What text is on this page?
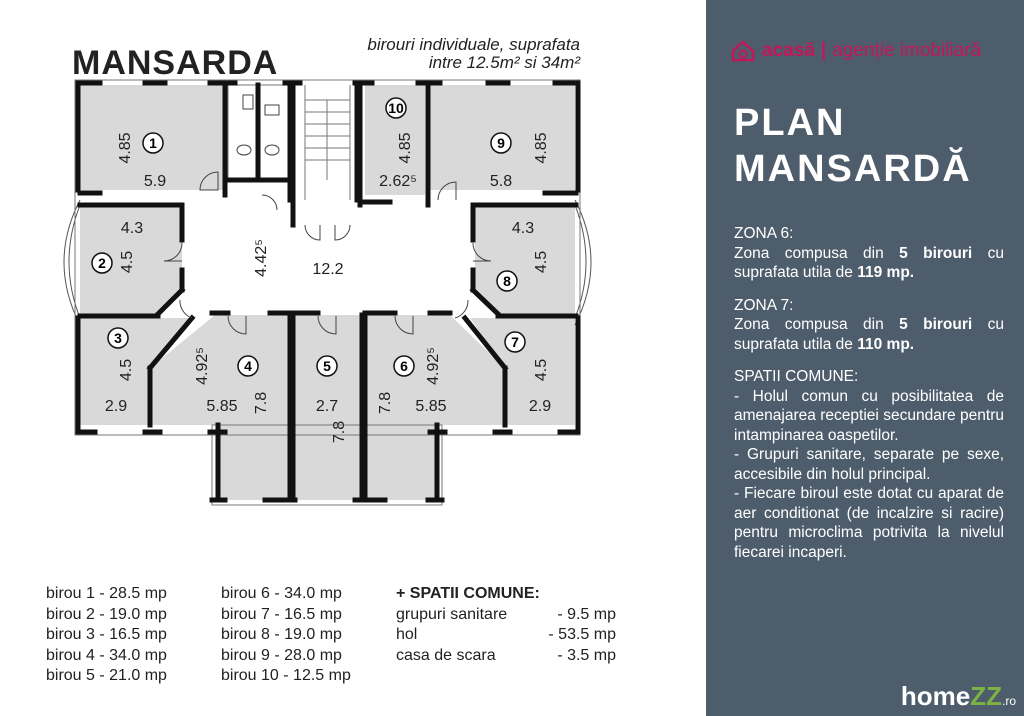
MANSARDA	birouri individuale, suprafata
intre 12.5m² si 34m²
1
2
3
4	5	6
7
8
9
10
4.85
5.9
4.3
4.5
4.5
2.9
4.92⁵
5.85 7.8	2.7
7.8
7.8 5.85
4.92⁵	4.5
2.9
4.3
4.5
4.85
5.8
4.85
2.62⁵
4.42⁵	12.2
birou 1 - 28.5 mp
birou 2 - 19.0 mp
birou 3 - 16.5 mp
birou 4 - 34.0 mp
birou 5 - 21.0 mp
birou 6 - 34.0 mp
birou 7 - 16.5 mp
birou 8 - 19.0 mp
birou 9 - 28.0 mp
birou 10 - 12.5 mp
+ SPATII COMUNE:
grupuri sanitare	- 9.5 mp
hol	- 53.5 mp
casa de scara	- 3.5 mp
acasă | agenție imobiliară
PLAN
MANSARDĂ

ZONA 6:
Zona compusa din 5 birouri cu suprafata utila de 119 mp.

ZONA 7:
Zona compusa din 5 birouri cu suprafata utila de 110 mp.

SPATII COMUNE:
- Holul comun cu posibilitatea de amenajarea receptiei secundare pentru intampinarea oaspetilor.
- Grupuri sanitare, separate pe sexe, accesibile din holul principal.
- Fiecare biroul este dotat cu aparat de aer conditionat (de incalzire si racire) pentru microclima potrivita la nivelul fiecarei incaperi.

homeZZ.ro
